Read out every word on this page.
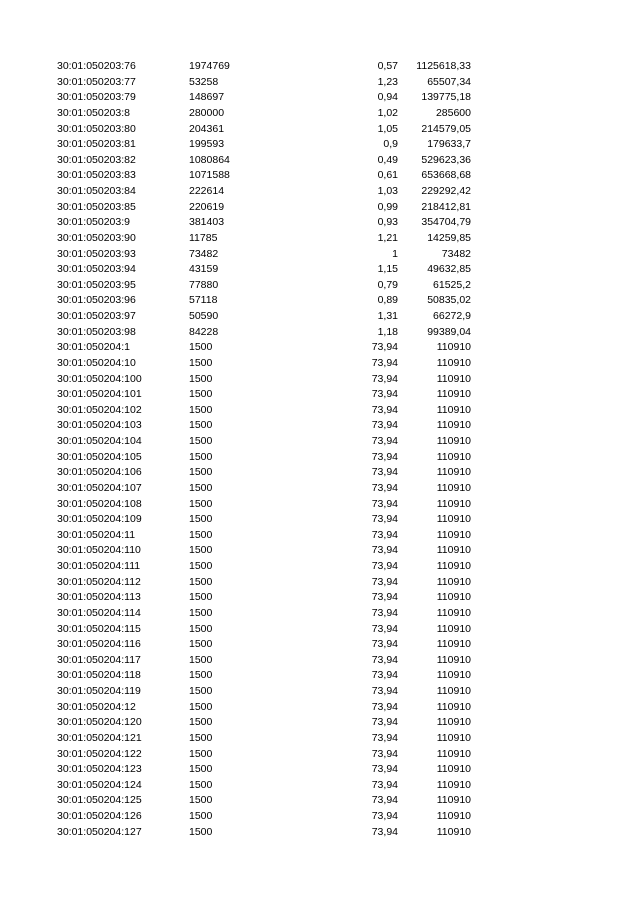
30:01:050203:76	1974769	0,57 1125618,33
30:01:050203:77	53258	1,23	65507,34
30:01:050203:79	148697	0,94 139775,18
30:01:050203:8	280000	1,02	285600
30:01:050203:80	204361	1,05 214579,05
30:01:050203:81	199593	0,9	179633,7
30:01:050203:82	1080864	0,49 529623,36
30:01:050203:83	1071588	0,61 653668,68
30:01:050203:84	222614	1,03 229292,42
30:01:050203:85	220619	0,99 218412,81
30:01:050203:9	381403	0,93 354704,79
30:01:050203:90	11785	1,21	14259,85
30:01:050203:93	73482	1	73482
30:01:050203:94	43159	1,15	49632,85
30:01:050203:95	77880	0,79	61525,2
30:01:050203:96	57118	0,89	50835,02
30:01:050203:97	50590	1,31	66272,9
30:01:050203:98	84228	1,18	99389,04
30:01:050204:1	1500	73,94	110910
30:01:050204:10	1500	73,94	110910
30:01:050204:100	1500	73,94	110910
30:01:050204:101	1500	73,94	110910
30:01:050204:102	1500	73,94	110910
30:01:050204:103	1500	73,94	110910
30:01:050204:104	1500	73,94	110910
30:01:050204:105	1500	73,94	110910
30:01:050204:106	1500	73,94	110910
30:01:050204:107	1500	73,94	110910
30:01:050204:108	1500	73,94	110910
30:01:050204:109	1500	73,94	110910
30:01:050204:11	1500	73,94	110910
30:01:050204:110	1500	73,94	110910
30:01:050204:111	1500	73,94	110910
30:01:050204:112	1500	73,94	110910
30:01:050204:113	1500	73,94	110910
30:01:050204:114	1500	73,94	110910
30:01:050204:115	1500	73,94	110910
30:01:050204:116	1500	73,94	110910
30:01:050204:117	1500	73,94	110910
30:01:050204:118	1500	73,94	110910
30:01:050204:119	1500	73,94	110910
30:01:050204:12	1500	73,94	110910
30:01:050204:120	1500	73,94	110910
30:01:050204:121	1500	73,94	110910
30:01:050204:122	1500	73,94	110910
30:01:050204:123	1500	73,94	110910
30:01:050204:124	1500	73,94	110910
30:01:050204:125	1500	73,94	110910
30:01:050204:126	1500	73,94	110910
30:01:050204:127	1500	73,94	110910
